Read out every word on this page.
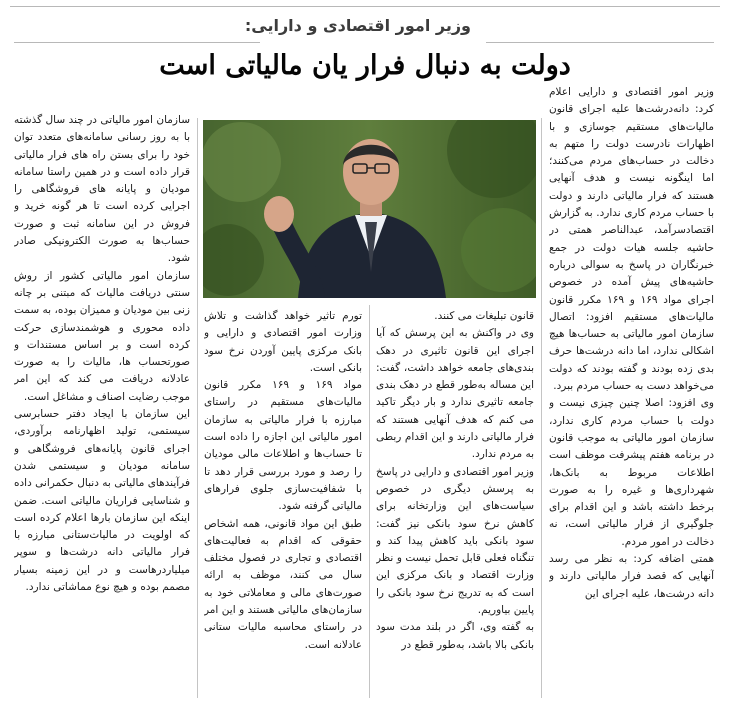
وزیر امور اقتصادی و دارایی:
دولت به دنبال فرار یان مالیاتی است

وزیر امور اقتصادی و دارایی اعلام کرد: دانه‌درشت‌ها علیه اجرای قانون مالیات‌های مستقیم جوسازی و با اظهارات نادرست دولت را متهم به دخالت در حساب‌های مردم می‌کنند؛ اما اینگونه نیست و هدف آنهایی هستند که فرار مالیاتی دارند و دولت با حساب مردم کاری ندارد. به گزارش اقتصادسرآمد، عبدالناصر همتی در حاشیه جلسه هیات دولت در جمع خبرنگاران در پاسخ به سوالی درباره حاشیه‌های پیش آمده در خصوص اجرای مواد ۱۶۹ و ۱۶۹ مکرر قانون مالیات‌های مستقیم افزود: اتصال سازمان امور مالیاتی به حساب‌ها هیچ اشکالی ندارد، اما دانه درشت‌ها حرف بدی زده بودند و گفته بودند که دولت می‌خواهد دست به حساب مردم ببرد.

وی افزود: اصلا چنین چیزی نیست و دولت با حساب مردم کاری ندارد، سازمان امور مالیاتی به موجب قانون در برنامه هفتم پیشرفت موظف است اطلاعات مربوط به بانک‌ها، شهرداری‌ها و غیره را به صورت برخط داشته باشد و این اقدام برای جلوگیری از فرار مالیاتی است، نه دخالت در امور مردم.

همتی اضافه کرد: به نظر می رسد آنهایی که قصد فرار مالیاتی دارند و دانه درشت‌ها، علیه اجرای این

قانون تبلیغات می کنند.

وی در واکنش به این پرسش که آیا اجرای این قانون تاثیری در دهک بندی‌های جامعه خواهد داشت، گفت: این مساله به‌طور قطع در دهک بندی جامعه تاثیری ندارد و بار دیگر تاکید می کنم که هدف آنهایی هستند که فرار مالیاتی دارند و این اقدام ربطی به مردم ندارد.

وزیر امور اقتصادی و دارایی در پاسخ به پرسش دیگری در خصوص سیاست‌های این وزارتخانه برای کاهش نرخ سود بانکی نیز گفت: سود بانکی باید کاهش پیدا کند و تنگناه فعلی قابل تحمل نیست و نظر وزارت اقتصاد و بانک مرکزی این است که به تدریج نرخ سود بانکی را پایین بیاوریم.

به گفته وی، اگر در بلند مدت سود بانکی بالا باشد، به‌طور قطع در

تورم تاثیر خواهد گذاشت و تلاش وزارت امور اقتصادی و دارایی و بانک مرکزی پایین آوردن نرخ سود بانکی است.

مواد ۱۶۹ و ۱۶۹ مکرر قانون مالیات‌های مستقیم در راستای مبارزه با فرار مالیاتی به سازمان امور مالیاتی این اجازه را داده است تا حساب‌ها و اطلاعات مالی مودیان را رصد و مورد بررسی قرار دهد تا با شفافیت‌سازی جلوی فرارهای مالیاتی گرفته شود.

طبق این مواد قانونی، همه اشخاص حقوقی که اقدام به فعالیت‌های اقتصادی و تجاری در فصول مختلف سال می کنند، موظف به ارائه صورت‌های مالی و معاملاتی خود به سازمان‌های مالیاتی هستند و این امر در راستای محاسبه مالیات ستانی عادلانه است.

سازمان امور مالیاتی در چند سال گذشته با به روز رسانی سامانه‌های متعدد توان خود را برای بستن راه های فرار مالیاتی قرار داده است و در همین راستا سامانه مودیان و پایانه های فروشگاهی را اجرایی کرده است تا هر گونه خرید و فروش در این سامانه ثبت و صورت حساب‌ها به صورت الکترونیکی صادر شود.

سازمان امور مالیاتی کشور از روش سنتی دریافت مالیات که مبتنی بر چانه زنی بین مودیان و ممیزان بوده، به سمت داده محوری و هوشمندسازی حرکت کرده است و بر اساس مستندات و صورتحساب ها، مالیات را به صورت عادلانه دریافت می کند که این امر موجب رضایت اصناف و مشاغل است.

این سازمان با ایجاد دفتر حسابرسی سیستمی، تولید اظهارنامه برآوردی، اجرای قانون پایانه‌های فروشگاهی و سامانه مودیان و سیستمی شدن فرآیندهای مالیاتی به دنبال حکمرانی داده و شناسایی فراریان مالیاتی است. ضمن اینکه این سازمان بارها اعلام کرده است که اولویت در مالیات‌ستانی مبارزه با فرار مالیاتی دانه درشت‌ها و سوپر میلیاردرهاست و در این زمینه بسیار مصمم بوده و هیچ نوع مماشاتی ندارد.
